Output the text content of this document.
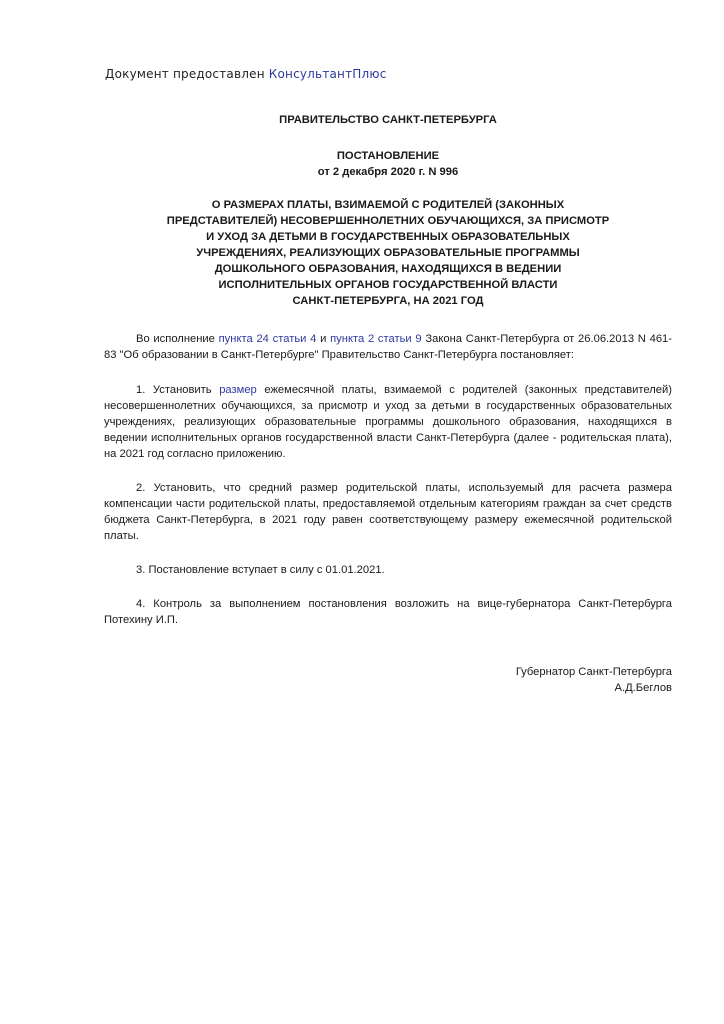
Документ предоставлен КонсультантПлюс
ПРАВИТЕЛЬСТВО САНКТ-ПЕТЕРБУРГА
ПОСТАНОВЛЕНИЕ
от 2 декабря 2020 г. N 996
О РАЗМЕРАХ ПЛАТЫ, ВЗИМАЕМОЙ С РОДИТЕЛЕЙ (ЗАКОННЫХ
ПРЕДСТАВИТЕЛЕЙ) НЕСОВЕРШЕННОЛЕТНИХ ОБУЧАЮЩИХСЯ, ЗА ПРИСМОТР
И УХОД ЗА ДЕТЬМИ В ГОСУДАРСТВЕННЫХ ОБРАЗОВАТЕЛЬНЫХ
УЧРЕЖДЕНИЯХ, РЕАЛИЗУЮЩИХ ОБРАЗОВАТЕЛЬНЫЕ ПРОГРАММЫ
ДОШКОЛЬНОГО ОБРАЗОВАНИЯ, НАХОДЯЩИХСЯ В ВЕДЕНИИ
ИСПОЛНИТЕЛЬНЫХ ОРГАНОВ ГОСУДАРСТВЕННОЙ ВЛАСТИ
САНКТ-ПЕТЕРБУРГА, НА 2021 ГОД

Во исполнение пункта 24 статьи 4 и пункта 2 статьи 9 Закона Санкт-Петербурга от 26.06.2013 N 461-83 "Об образовании в Санкт-Петербурге" Правительство Санкт-Петербурга постановляет:

1. Установить размер ежемесячной платы, взимаемой с родителей (законных представителей) несовершеннолетних обучающихся, за присмотр и уход за детьми в государственных образовательных учреждениях, реализующих образовательные программы дошкольного образования, находящихся в ведении исполнительных органов государственной власти Санкт-Петербурга (далее - родительская плата), на 2021 год согласно приложению.

2. Установить, что средний размер родительской платы, используемый для расчета размера компенсации части родительской платы, предоставляемой отдельным категориям граждан за счет средств бюджета Санкт-Петербурга, в 2021 году равен соответствующему размеру ежемесячной родительской платы.

3. Постановление вступает в силу с 01.01.2021.

4. Контроль за выполнением постановления возложить на вице-губернатора Санкт-Петербурга Потехину И.П.

Губернатор Санкт-Петербурга
А.Д.Беглов
